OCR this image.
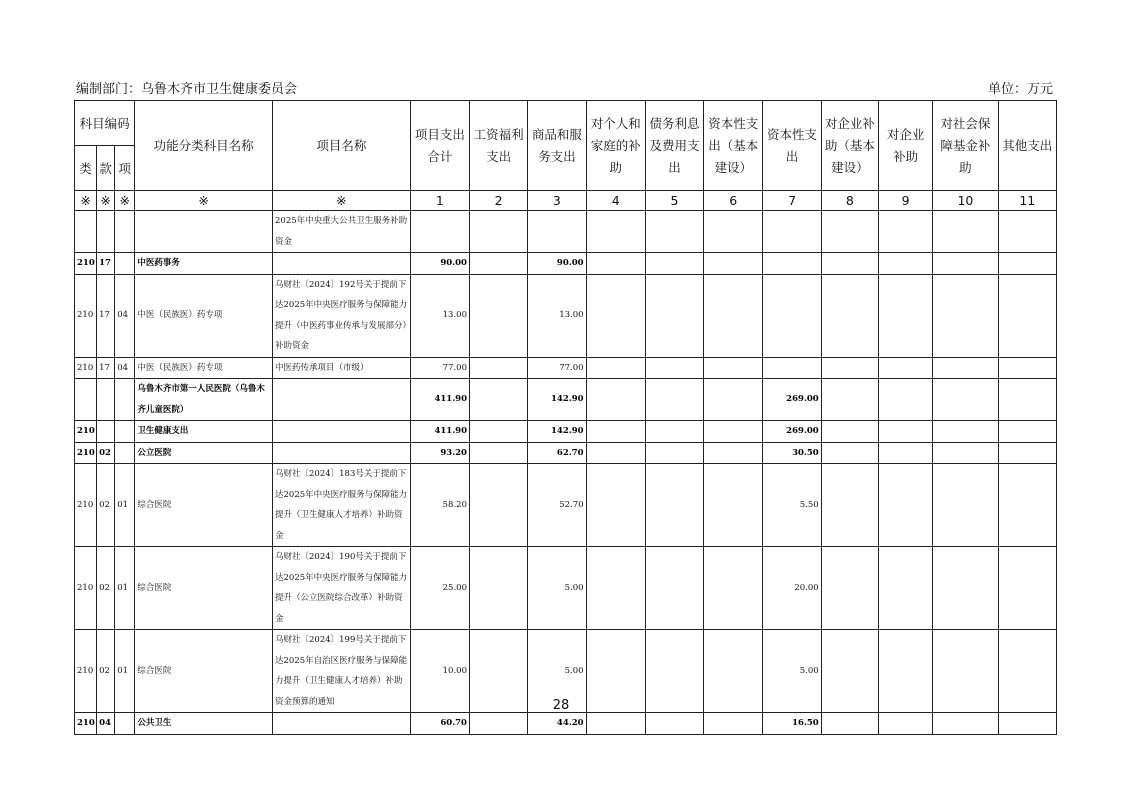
编制部门：乌鲁木齐市卫生健康委员会	单位：万元
科目编码			功能分类科目名称	项目名称	项目支出合计	工资福利支出	商品和服务支出	对个人和家庭的补助	债务利息及费用支出	资本性支出（基本建设）	资本性支出	对企业补助（基本建设）	对企业补助	对社会保障基金补助	其他支出
类	款	项													
※	※	※	※	※	1	2	3	4	5	6	7	8	9	10	11
				2025年中央重大公共卫生服务补助资金											
210	17		中医药事务		90.00		90.00								
210	17	04	中医（民族医）药专项	乌财社〔2024〕192号关于提前下达2025年中央医疗服务与保障能力提升（中医药事业传承与发展部分）补助资金	13.00		13.00								
210	17	04	中医（民族医）药专项	中医药传承项目（市级）	77.00		77.00								
			乌鲁木齐市第一人民医院（乌鲁木齐儿童医院）		411.90		142.90				269.00				
210			卫生健康支出		411.90		142.90				269.00				
210	02		公立医院		93.20		62.70				30.50				
210	02	01	综合医院	乌财社〔2024〕183号关于提前下达2025年中央医疗服务与保障能力提升（卫生健康人才培养）补助资金	58.20		52.70				5.50				
210	02	01	综合医院	乌财社〔2024〕190号关于提前下达2025年中央医疗服务与保障能力提升（公立医院综合改革）补助资金	25.00		5.00				20.00				
210	02	01	综合医院	乌财社〔2024〕199号关于提前下达2025年自治区医疗服务与保障能力提升（卫生健康人才培养）补助资金预算的通知	10.00		5.00				5.00				
210	04		公共卫生		60.70		44.20				16.50				
28
